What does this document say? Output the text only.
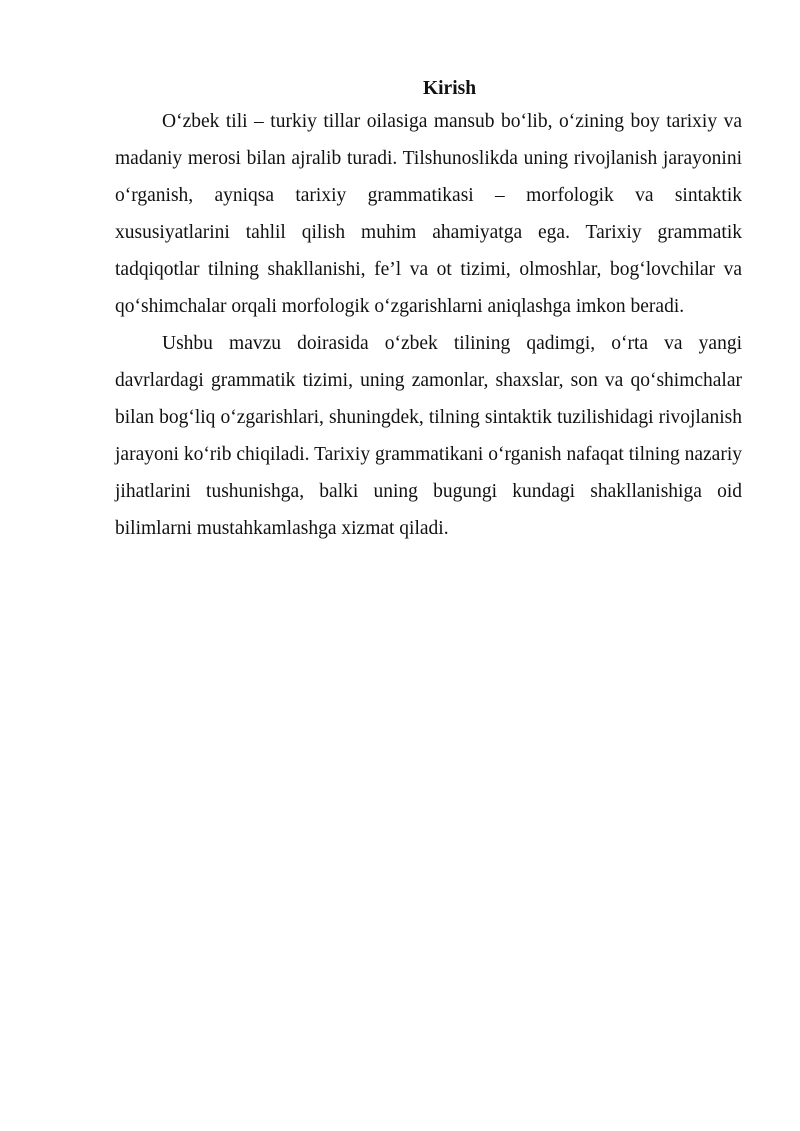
Kirish

O‘zbek tili – turkiy tillar oilasiga mansub bo‘lib, o‘zining boy tarixiy va madaniy merosi bilan ajralib turadi. Tilshunoslikda uning rivojlanish jarayonini o‘rganish, ayniqsa tarixiy grammatikasi – morfologik va sintaktik xususiyatlarini tahlil qilish muhim ahamiyatga ega. Tarixiy grammatik tadqiqotlar tilning shakllanishi, fe’l va ot tizimi, olmoshlar, bog‘lovchilar va qo‘shimchalar orqali morfologik o‘zgarishlarni aniqlashga imkon beradi.

Ushbu mavzu doirasida o‘zbek tilining qadimgi, o‘rta va yangi davrlardagi grammatik tizimi, uning zamonlar, shaxslar, son va qo‘shimchalar bilan bog‘liq o‘zgarishlari, shuningdek, tilning sintaktik tuzilishidagi rivojlanish jarayoni ko‘rib chiqiladi. Tarixiy grammatikani o‘rganish nafaqat tilning nazariy jihatlarini tushunishga, balki uning bugungi kundagi shakllanishiga oid bilimlarni mustahkamlashga xizmat qiladi.
